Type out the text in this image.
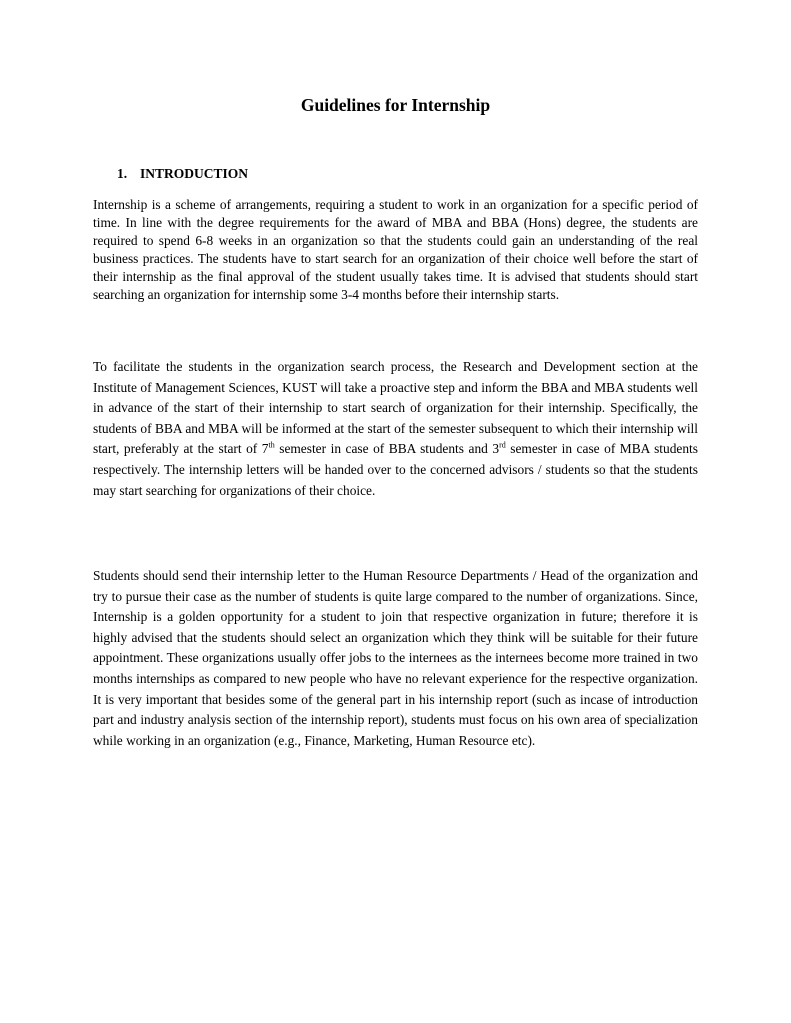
Guidelines for Internship
1. INTRODUCTION

Internship is a scheme of arrangements, requiring a student to work in an organization for a specific period of time. In line with the degree requirements for the award of MBA and BBA (Hons) degree, the students are required to spend 6-8 weeks in an organization so that the students could gain an understanding of the real business practices. The students have to start search for an organization of their choice well before the start of their internship as the final approval of the student usually takes time. It is advised that students should start searching an organization for internship some 3-4 months before their internship starts.

To facilitate the students in the organization search process, the Research and Development section at the Institute of Management Sciences, KUST will take a proactive step and inform the BBA and MBA students well in advance of the start of their internship to start search of organization for their internship. Specifically, the students of BBA and MBA will be informed at the start of the semester subsequent to which their internship will start, preferably at the start of 7th semester in case of BBA students and 3rd semester in case of MBA students respectively. The internship letters will be handed over to the concerned advisors / students so that the students may start searching for organizations of their choice.

Students should send their internship letter to the Human Resource Departments / Head of the organization and try to pursue their case as the number of students is quite large compared to the number of organizations. Since, Internship is a golden opportunity for a student to join that respective organization in future; therefore it is highly advised that the students should select an organization which they think will be suitable for their future appointment. These organizations usually offer jobs to the internees as the internees become more trained in two months internships as compared to new people who have no relevant experience for the respective organization. It is very important that besides some of the general part in his internship report (such as incase of introduction part and industry analysis section of the internship report), students must focus on his own area of specialization while working in an organization (e.g., Finance, Marketing, Human Resource etc).
